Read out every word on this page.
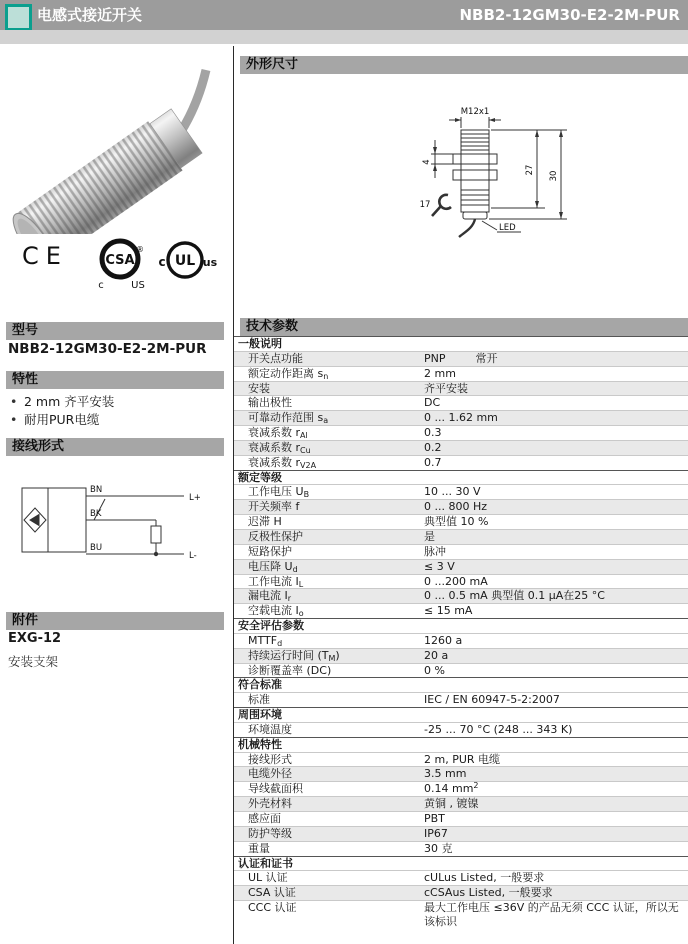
电感式接近开关	NBB2-12GM30-E2-2M-PUR
CE	CSA
®
c	US
UL
c	us
型号
NBB2-12GM30-E2-2M-PUR
特性
• 2 mm 齐平安装
• 耐用PUR电缆
接线形式
BN
BK
BU
L+
L-
附件
EXG-12
安装支架
外形尺寸
M12x1
4
27
30
17
LED
技术参数
一般说明
开关点功能	PNP	常开
额定动作距离 $s_n$	2 mm
安装	齐平安装
输出极性	DC
可靠动作范围 $s_a$	0 ... 1.62 mm
衰减系数 $r_{Al}$	0.3
衰减系数 $r_{Cu}$	0.2
衰减系数 $r_{V2A}$	0.7
额定等级
工作电压 $U_B$	10 ... 30 V
开关频率 f	0 ... 800 Hz
迟滞 H	典型值 10 %
反极性保护	是
短路保护	脉冲
电压降 $U_d$	≤ 3 V
工作电流 $I_L$	0 ...200 mA
漏电流 $I_r$	0 ... 0.5 mA 典型值 0.1 µA在25 °C
空载电流 $I_o$	≤ 15 mA
安全评估参数
$MTTF_d$	1260 a
持续运行时间 $(T_M)$	20 a
诊断覆盖率 (DC)	0 %
符合标准
标准	IEC / EN 60947-5-2:2007
周围环境
环境温度	-25 ... 70 °C (248 ... 343 K)
机械特性
接线形式	2 m, PUR 电缆
电缆外径	3.5 mm
导线截面积	0.14 $mm^2$
外壳材料	黄铜 , 镀镍
感应面	PBT
防护等级	IP67
重量	30 克
认证和证书
UL 认证	cULus Listed, 一般要求
CSA 认证	cCSAus Listed, 一般要求
CCC 认证	最大工作电压 ≤36V 的产品无须 CCC 认证，所以无该标识
